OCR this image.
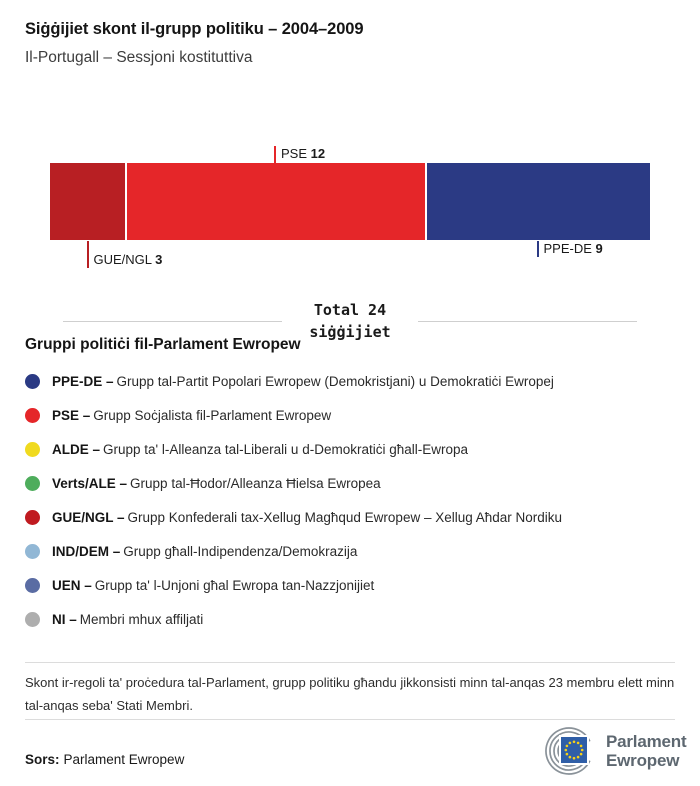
Siġġijiet skont il-grupp politiku – 2004–2009
Il-Portugall – Sessjoni kostituttiva
PSE 12
GUE/NGL 3
PPE-DE 9
Total 24
siġġijiet
Gruppi politiċi fil-Parlament Ewropew
PPE-DE – Grupp tal-Partit Popolari Ewropew (Demokristjani) u Demokratiċi Ewropej
PSE – Grupp Soċjalista fil-Parlament Ewropew
ALDE – Grupp ta' l-Alleanza tal-Liberali u d-Demokratiċi għall-Ewropa
Verts/ALE – Grupp tal-Ħodor/Alleanza Ħielsa Ewropea
GUE/NGL – Grupp Konfederali tax-Xellug Magħqud Ewropew – Xellug Aħdar Nordiku
IND/DEM – Grupp għall-Indipendenza/Demokrazija
UEN – Grupp ta' l-Unjoni għal Ewropa tan-Nazzjonijiet
NI – Membri mhux affiljati
Skont ir-regoli ta' proċedura tal-Parlament, grupp politiku għandu jikkonsisti minn tal-anqas 23 membru elett minn tal-anqas seba' Stati Membri.
Sors: Parlament Ewropew
Parlament
Ewropew
